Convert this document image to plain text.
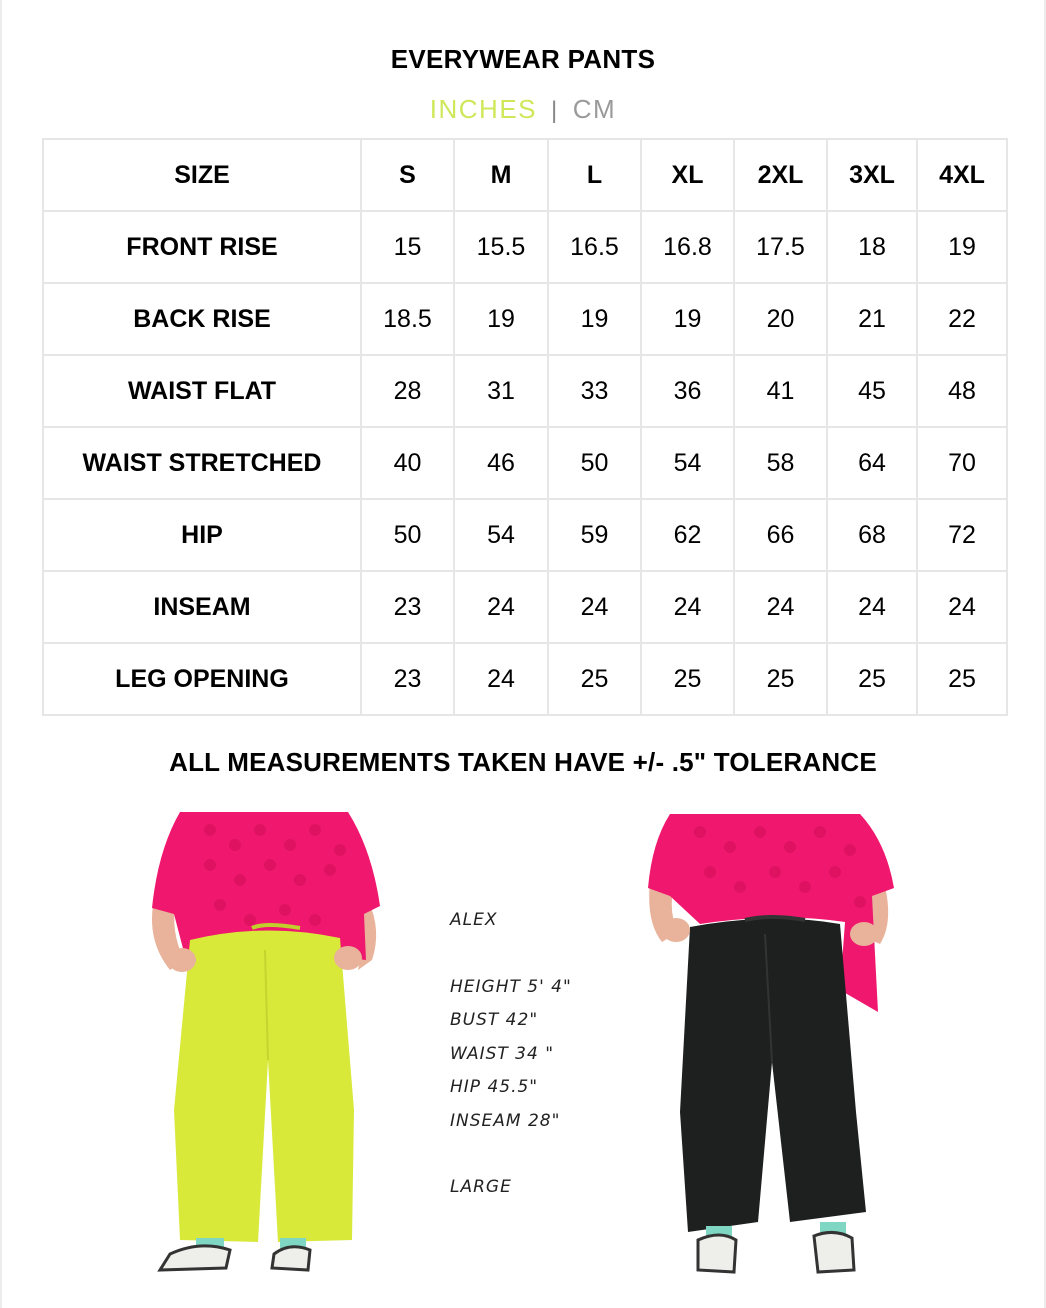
EVERYWEAR PANTS
INCHES | CM
SIZE	S	M	L	XL	2XL	3XL	4XL
FRONT RISE	15	15.5	16.5	16.8	17.5	18	19
BACK RISE	18.5	19	19	19	20	21	22
WAIST FLAT	28	31	33	36	41	45	48
WAIST STRETCHED	40	46	50	54	58	64	70
HIP	50	54	59	62	66	68	72
INSEAM	23	24	24	24	24	24	24
LEG OPENING	23	24	25	25	25	25	25
ALL MEASUREMENTS TAKEN HAVE +/- .5" TOLERANCE
ALEX
HEIGHT 5' 4"
BUST 42"
WAIST 34 "
HIP 45.5"
INSEAM 28"
LARGE
